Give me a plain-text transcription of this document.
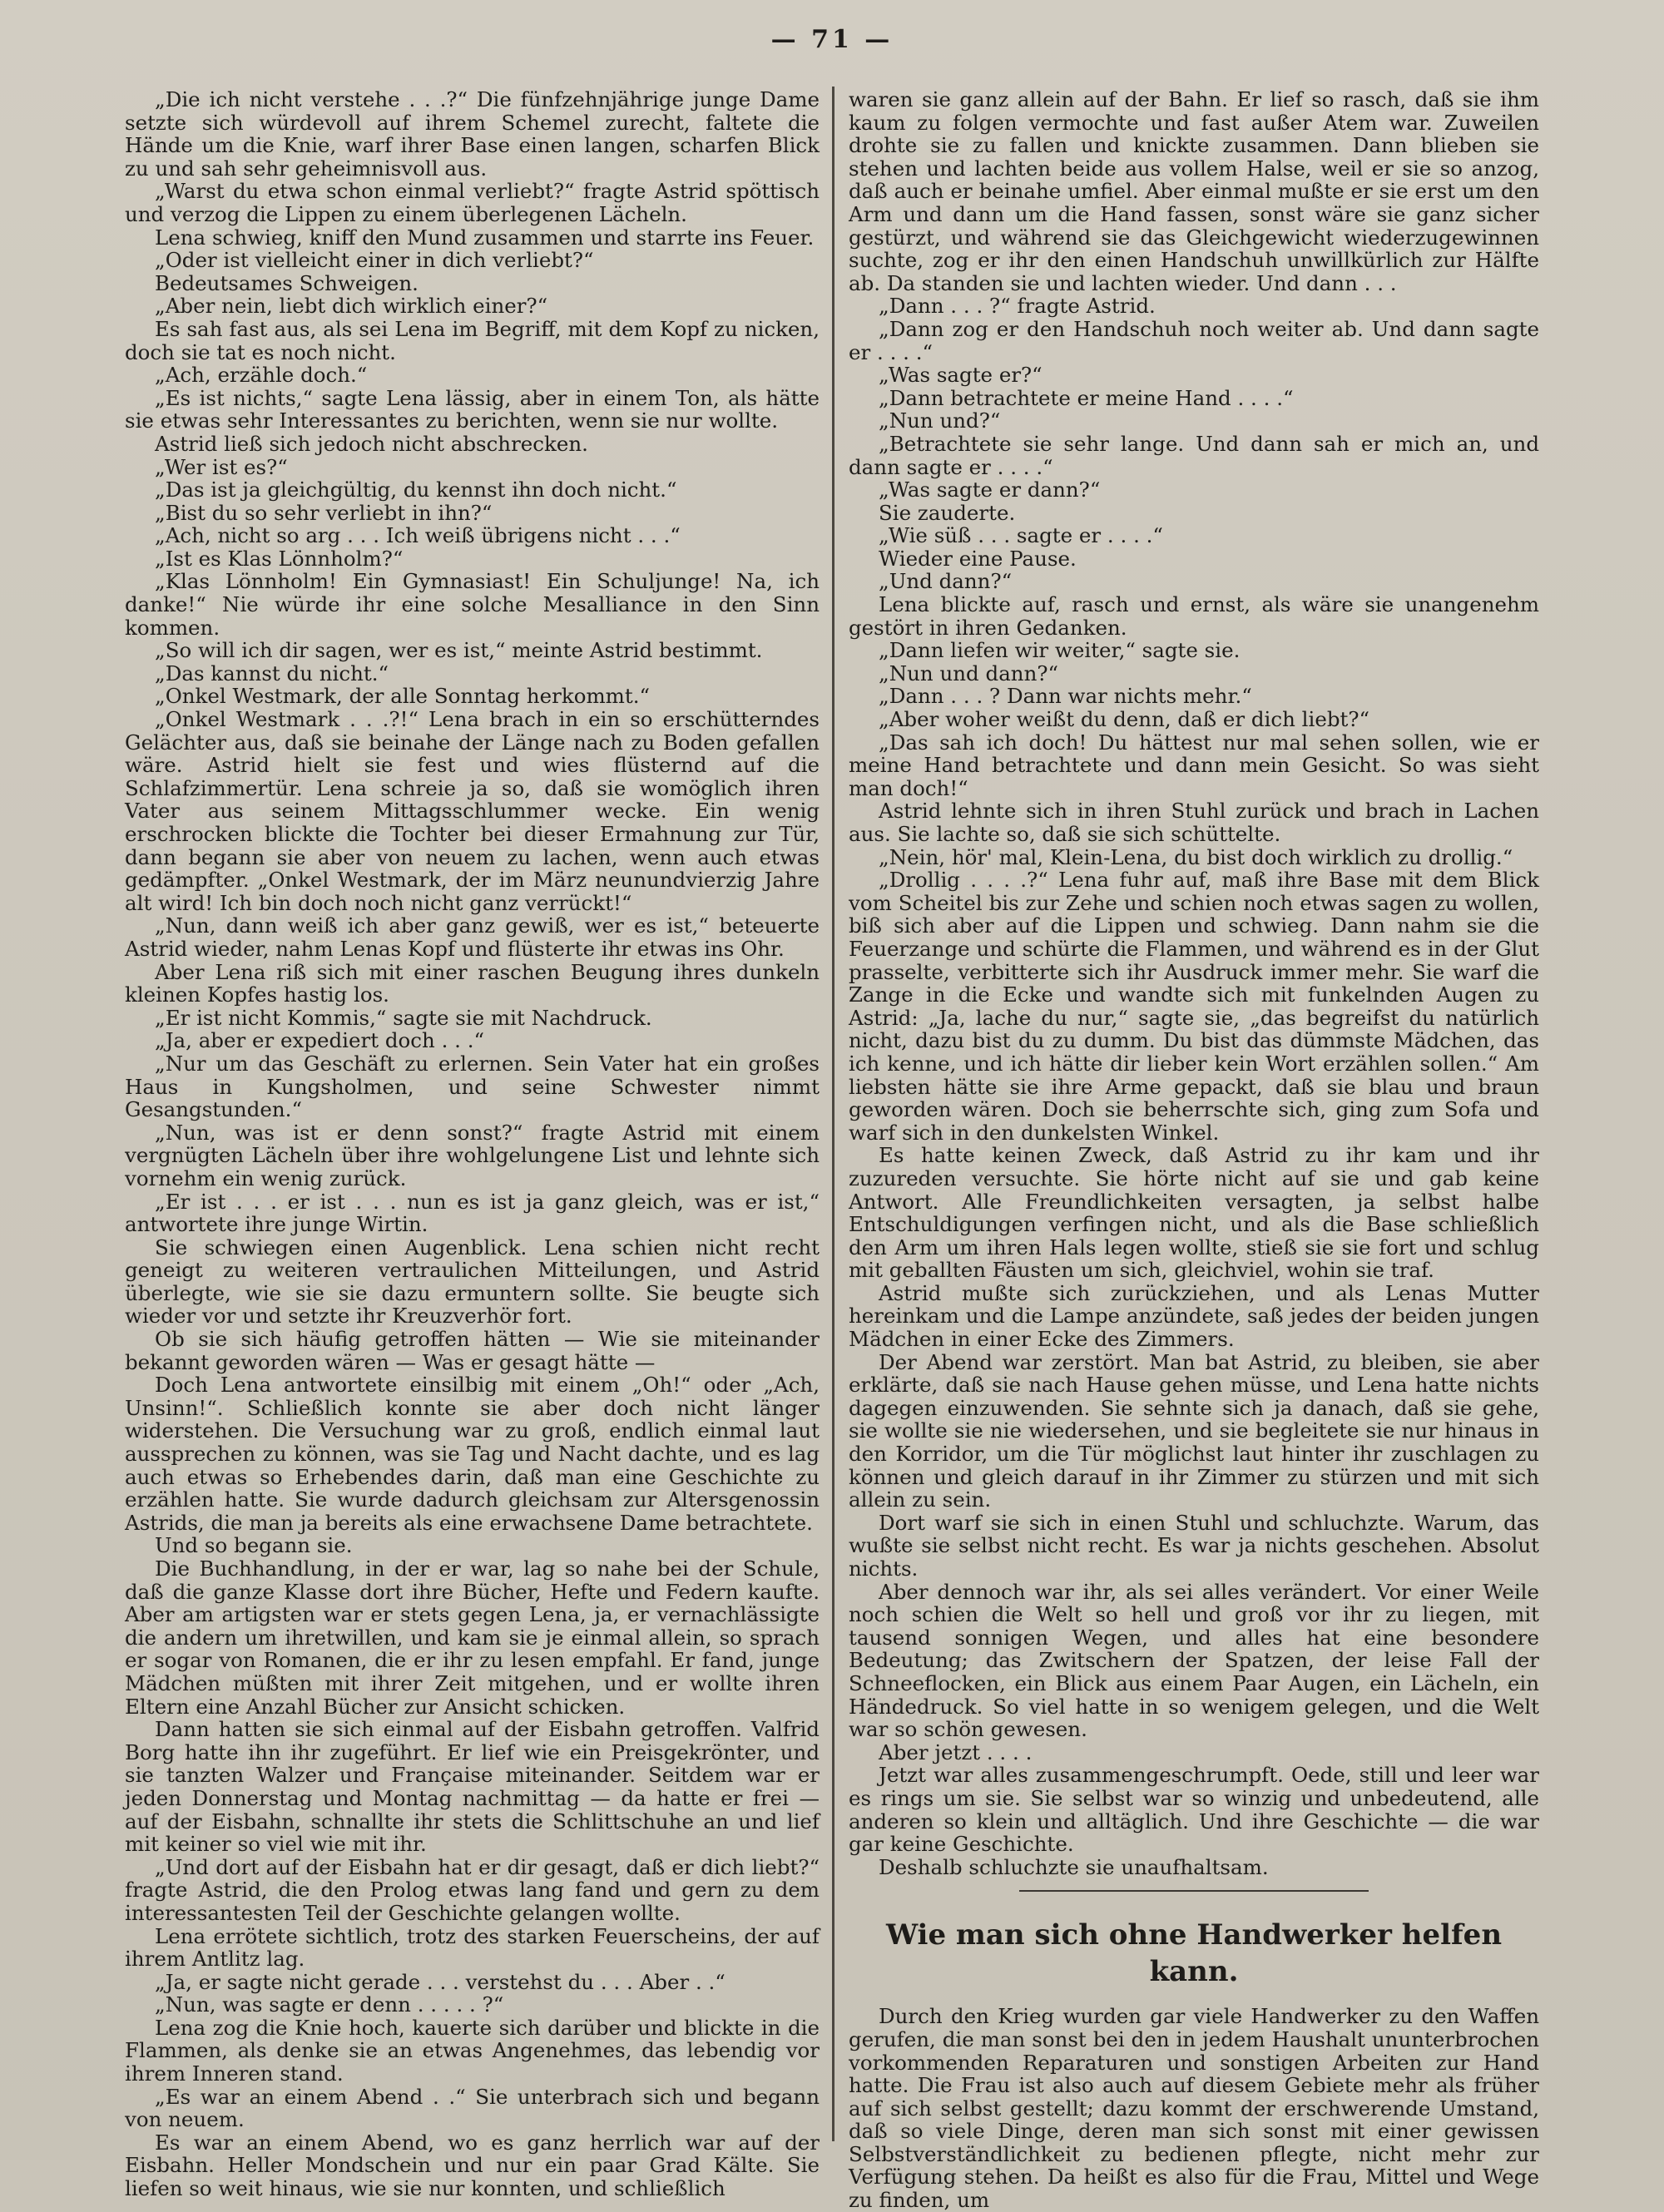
— 71 —

„Die ich nicht verstehe . . .?“ Die fünfzehnjährige junge Dame setzte sich würdevoll auf ihrem Schemel zurecht, faltete die Hände um die Knie, warf ihrer Base einen langen, scharfen Blick zu und sah sehr geheimnisvoll aus.

„Warst du etwa schon einmal verliebt?“ fragte Astrid spöttisch und verzog die Lippen zu einem überlegenen Lächeln.

Lena schwieg, kniff den Mund zusammen und starrte ins Feuer.

„Oder ist vielleicht einer in dich verliebt?“

Bedeutsames Schweigen.

„Aber nein, liebt dich wirklich einer?“

Es sah fast aus, als sei Lena im Begriff, mit dem Kopf zu nicken, doch sie tat es noch nicht.

„Ach, erzähle doch.“

„Es ist nichts,“ sagte Lena lässig, aber in einem Ton, als hätte sie etwas sehr Interessantes zu berichten, wenn sie nur wollte.

Astrid ließ sich jedoch nicht abschrecken.

„Wer ist es?“

„Das ist ja gleichgültig, du kennst ihn doch nicht.“

„Bist du so sehr verliebt in ihn?“

„Ach, nicht so arg . . . Ich weiß übrigens nicht . . .“

„Ist es Klas Lönnholm?“

„Klas Lönnholm! Ein Gymnasiast! Ein Schuljunge! Na, ich danke!“ Nie würde ihr eine solche Mesalliance in den Sinn kommen.

„So will ich dir sagen, wer es ist,“ meinte Astrid bestimmt.

„Das kannst du nicht.“

„Onkel Westmark, der alle Sonntag herkommt.“

„Onkel Westmark . . .?!“ Lena brach in ein so erschütterndes Gelächter aus, daß sie beinahe der Länge nach zu Boden gefallen wäre. Astrid hielt sie fest und wies flüsternd auf die Schlafzimmertür. Lena schreie ja so, daß sie womöglich ihren Vater aus seinem Mittagsschlummer wecke. Ein wenig erschrocken blickte die Tochter bei dieser Ermahnung zur Tür, dann begann sie aber von neuem zu lachen, wenn auch etwas gedämpfter. „Onkel Westmark, der im März neunundvierzig Jahre alt wird! Ich bin doch noch nicht ganz verrückt!“

„Nun, dann weiß ich aber ganz gewiß, wer es ist,“ beteuerte Astrid wieder, nahm Lenas Kopf und flüsterte ihr etwas ins Ohr.

Aber Lena riß sich mit einer raschen Beugung ihres dunkeln kleinen Kopfes hastig los.

„Er ist nicht Kommis,“ sagte sie mit Nachdruck.

„Ja, aber er expediert doch . . .“

„Nur um das Geschäft zu erlernen. Sein Vater hat ein großes Haus in Kungsholmen, und seine Schwester nimmt Gesangstunden.“

„Nun, was ist er denn sonst?“ fragte Astrid mit einem vergnügten Lächeln über ihre wohlgelungene List und lehnte sich vornehm ein wenig zurück.

„Er ist . . . er ist . . . nun es ist ja ganz gleich, was er ist,“ antwortete ihre junge Wirtin.

Sie schwiegen einen Augenblick. Lena schien nicht recht geneigt zu weiteren vertraulichen Mitteilungen, und Astrid überlegte, wie sie sie dazu ermuntern sollte. Sie beugte sich wieder vor und setzte ihr Kreuzverhör fort.

Ob sie sich häufig getroffen hätten — Wie sie miteinander bekannt geworden wären — Was er gesagt hätte —

Doch Lena antwortete einsilbig mit einem „Oh!“ oder „Ach, Unsinn!“. Schließlich konnte sie aber doch nicht länger widerstehen. Die Versuchung war zu groß, endlich einmal laut aussprechen zu können, was sie Tag und Nacht dachte, und es lag auch etwas so Erhebendes darin, daß man eine Geschichte zu erzählen hatte. Sie wurde dadurch gleichsam zur Altersgenossin Astrids, die man ja bereits als eine erwachsene Dame betrachtete.

Und so begann sie.

Die Buchhandlung, in der er war, lag so nahe bei der Schule, daß die ganze Klasse dort ihre Bücher, Hefte und Federn kaufte. Aber am artigsten war er stets gegen Lena, ja, er vernachlässigte die andern um ihretwillen, und kam sie je einmal allein, so sprach er sogar von Romanen, die er ihr zu lesen empfahl. Er fand, junge Mädchen müßten mit ihrer Zeit mitgehen, und er wollte ihren Eltern eine Anzahl Bücher zur Ansicht schicken.

Dann hatten sie sich einmal auf der Eisbahn getroffen. Valfrid Borg hatte ihn ihr zugeführt. Er lief wie ein Preisgekrönter, und sie tanzten Walzer und Française miteinander. Seitdem war er jeden Donnerstag und Montag nachmittag — da hatte er frei — auf der Eisbahn, schnallte ihr stets die Schlittschuhe an und lief mit keiner so viel wie mit ihr.

„Und dort auf der Eisbahn hat er dir gesagt, daß er dich liebt?“ fragte Astrid, die den Prolog etwas lang fand und gern zu dem interessantesten Teil der Geschichte gelangen wollte.

Lena errötete sichtlich, trotz des starken Feuerscheins, der auf ihrem Antlitz lag.

„Ja, er sagte nicht gerade . . . verstehst du . . . Aber . .“

„Nun, was sagte er denn . . . . . ?“

Lena zog die Knie hoch, kauerte sich darüber und blickte in die Flammen, als denke sie an etwas Angenehmes, das lebendig vor ihrem Inneren stand.

„Es war an einem Abend . .“ Sie unterbrach sich und begann von neuem.

Es war an einem Abend, wo es ganz herrlich war auf der Eisbahn. Heller Mondschein und nur ein paar Grad Kälte. Sie liefen so weit hinaus, wie sie nur konnten, und schließlich

waren sie ganz allein auf der Bahn. Er lief so rasch, daß sie ihm kaum zu folgen vermochte und fast außer Atem war. Zuweilen drohte sie zu fallen und knickte zusammen. Dann blieben sie stehen und lachten beide aus vollem Halse, weil er sie so anzog, daß auch er beinahe umfiel. Aber einmal mußte er sie erst um den Arm und dann um die Hand fassen, sonst wäre sie ganz sicher gestürzt, und während sie das Gleichgewicht wiederzugewinnen suchte, zog er ihr den einen Handschuh unwillkürlich zur Hälfte ab. Da standen sie und lachten wieder. Und dann . . .

„Dann . . . ?“ fragte Astrid.

„Dann zog er den Handschuh noch weiter ab. Und dann sagte er . . . .“

„Was sagte er?“

„Dann betrachtete er meine Hand . . . .“

„Nun und?“

„Betrachtete sie sehr lange. Und dann sah er mich an, und dann sagte er . . . .“

„Was sagte er dann?“

Sie zauderte.

„Wie süß . . . sagte er . . . .“

Wieder eine Pause.

„Und dann?“

Lena blickte auf, rasch und ernst, als wäre sie unangenehm gestört in ihren Gedanken.

„Dann liefen wir weiter,“ sagte sie.

„Nun und dann?“

„Dann . . . ? Dann war nichts mehr.“

„Aber woher weißt du denn, daß er dich liebt?“

„Das sah ich doch! Du hättest nur mal sehen sollen, wie er meine Hand betrachtete und dann mein Gesicht. So was sieht man doch!“

Astrid lehnte sich in ihren Stuhl zurück und brach in Lachen aus. Sie lachte so, daß sie sich schüttelte.

„Nein, hör' mal, Klein-Lena, du bist doch wirklich zu drollig.“

„Drollig . . . .?“ Lena fuhr auf, maß ihre Base mit dem Blick vom Scheitel bis zur Zehe und schien noch etwas sagen zu wollen, biß sich aber auf die Lippen und schwieg. Dann nahm sie die Feuerzange und schürte die Flammen, und während es in der Glut prasselte, verbitterte sich ihr Ausdruck immer mehr. Sie warf die Zange in die Ecke und wandte sich mit funkelnden Augen zu Astrid: „Ja, lache du nur,“ sagte sie, „das begreifst du natürlich nicht, dazu bist du zu dumm. Du bist das dümmste Mädchen, das ich kenne, und ich hätte dir lieber kein Wort erzählen sollen.“ Am liebsten hätte sie ihre Arme gepackt, daß sie blau und braun geworden wären. Doch sie beherrschte sich, ging zum Sofa und warf sich in den dunkelsten Winkel.

Es hatte keinen Zweck, daß Astrid zu ihr kam und ihr zuzureden versuchte. Sie hörte nicht auf sie und gab keine Antwort. Alle Freundlichkeiten versagten, ja selbst halbe Entschuldigungen verfingen nicht, und als die Base schließlich den Arm um ihren Hals legen wollte, stieß sie sie fort und schlug mit geballten Fäusten um sich, gleichviel, wohin sie traf.

Astrid mußte sich zurückziehen, und als Lenas Mutter hereinkam und die Lampe anzündete, saß jedes der beiden jungen Mädchen in einer Ecke des Zimmers.

Der Abend war zerstört. Man bat Astrid, zu bleiben, sie aber erklärte, daß sie nach Hause gehen müsse, und Lena hatte nichts dagegen einzuwenden. Sie sehnte sich ja danach, daß sie gehe, sie wollte sie nie wiedersehen, und sie begleitete sie nur hinaus in den Korridor, um die Tür möglichst laut hinter ihr zuschlagen zu können und gleich darauf in ihr Zimmer zu stürzen und mit sich allein zu sein.

Dort warf sie sich in einen Stuhl und schluchzte. Warum, das wußte sie selbst nicht recht. Es war ja nichts geschehen. Absolut nichts.

Aber dennoch war ihr, als sei alles verändert. Vor einer Weile noch schien die Welt so hell und groß vor ihr zu liegen, mit tausend sonnigen Wegen, und alles hat eine besondere Bedeutung; das Zwitschern der Spatzen, der leise Fall der Schneeflocken, ein Blick aus einem Paar Augen, ein Lächeln, ein Händedruck. So viel hatte in so wenigem gelegen, und die Welt war so schön gewesen.

Aber jetzt . . . .

Jetzt war alles zusammengeschrumpft. Oede, still und leer war es rings um sie. Sie selbst war so winzig und unbedeutend, alle anderen so klein und alltäglich. Und ihre Geschichte — die war gar keine Geschichte.

Deshalb schluchzte sie unaufhaltsam.

Wie man sich ohne Handwerker helfen kann.

Durch den Krieg wurden gar viele Handwerker zu den Waffen gerufen, die man sonst bei den in jedem Haushalt ununterbrochen vorkommenden Reparaturen und sonstigen Arbeiten zur Hand hatte. Die Frau ist also auch auf diesem Gebiete mehr als früher auf sich selbst gestellt; dazu kommt der erschwerende Umstand, daß so viele Dinge, deren man sich sonst mit einer gewissen Selbstverständlichkeit zu bedienen pflegte, nicht mehr zur Verfügung stehen. Da heißt es also für die Frau, Mittel und Wege zu finden, um
